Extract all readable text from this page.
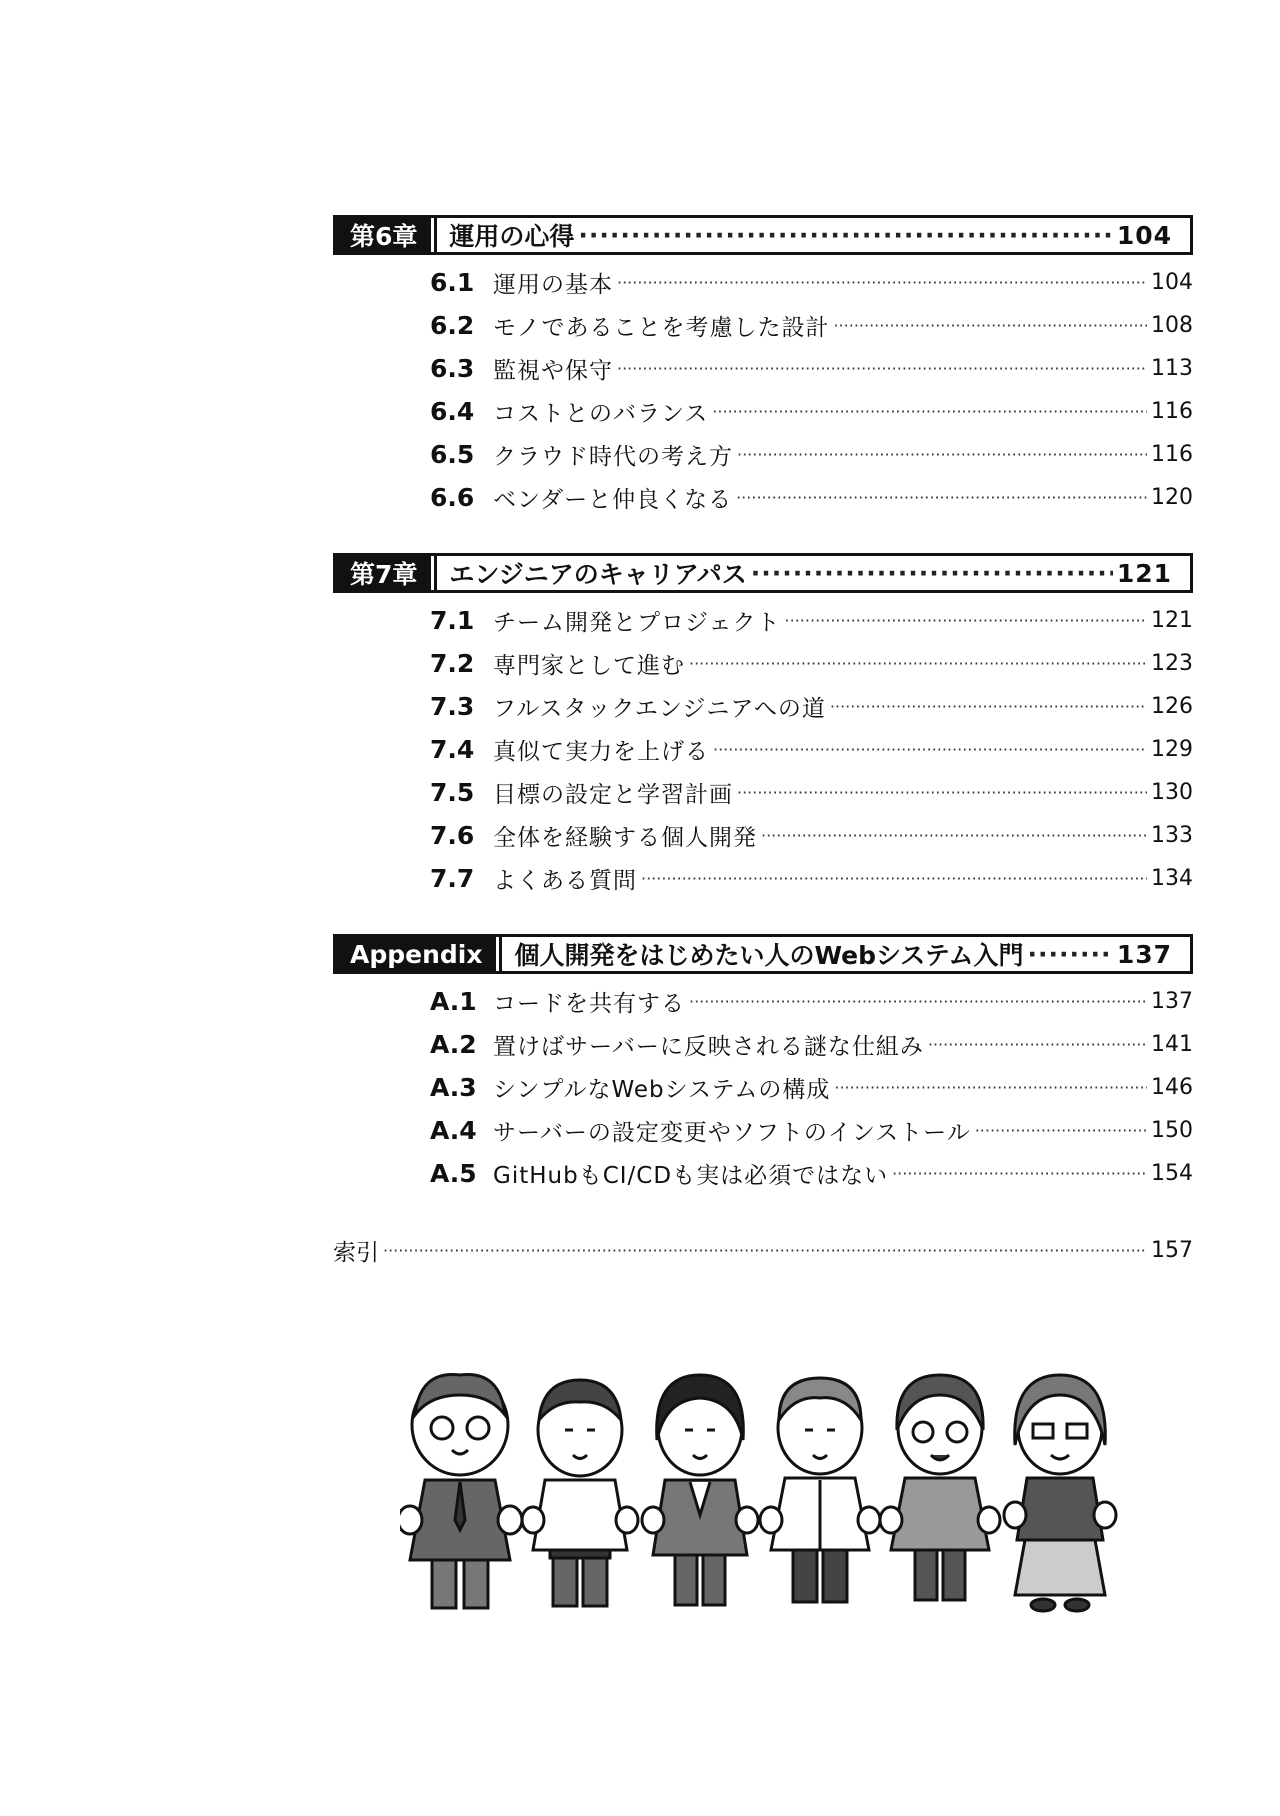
第6章	運用の心得 ·····	104
6.1 運用の基本 ·····	104
6.2 モノであることを考慮した設計 ·····	108
6.3 監視や保守 ·····	113
6.4 コストとのバランス ·····	116
6.5 クラウド時代の考え方 ·····	116
6.6 ベンダーと仲良くなる ·····	120
第7章	エンジニアのキャリアパス ·····	121
7.1 チーム開発とプロジェクト ·····	121
7.2 専門家として進む ·····	123
7.3 フルスタックエンジニアへの道 ·····	126
7.4 真似て実力を上げる ·····	129
7.5 目標の設定と学習計画 ·····	130
7.6 全体を経験する個人開発 ·····	133
7.7 よくある質問 ·····	134
Appendix	個人開発をはじめたい人のWebシステム入門 ·····	137
A.1 コードを共有する ·····	137
A.2 置けばサーバーに反映される謎な仕組み ·····	141
A.3 シンプルなWebシステムの構成 ·····	146
A.4 サーバーの設定変更やソフトのインストール ·····	150
A.5 GitHubもCI/CDも実は必須ではない ·····	154
索引 ·····	157
